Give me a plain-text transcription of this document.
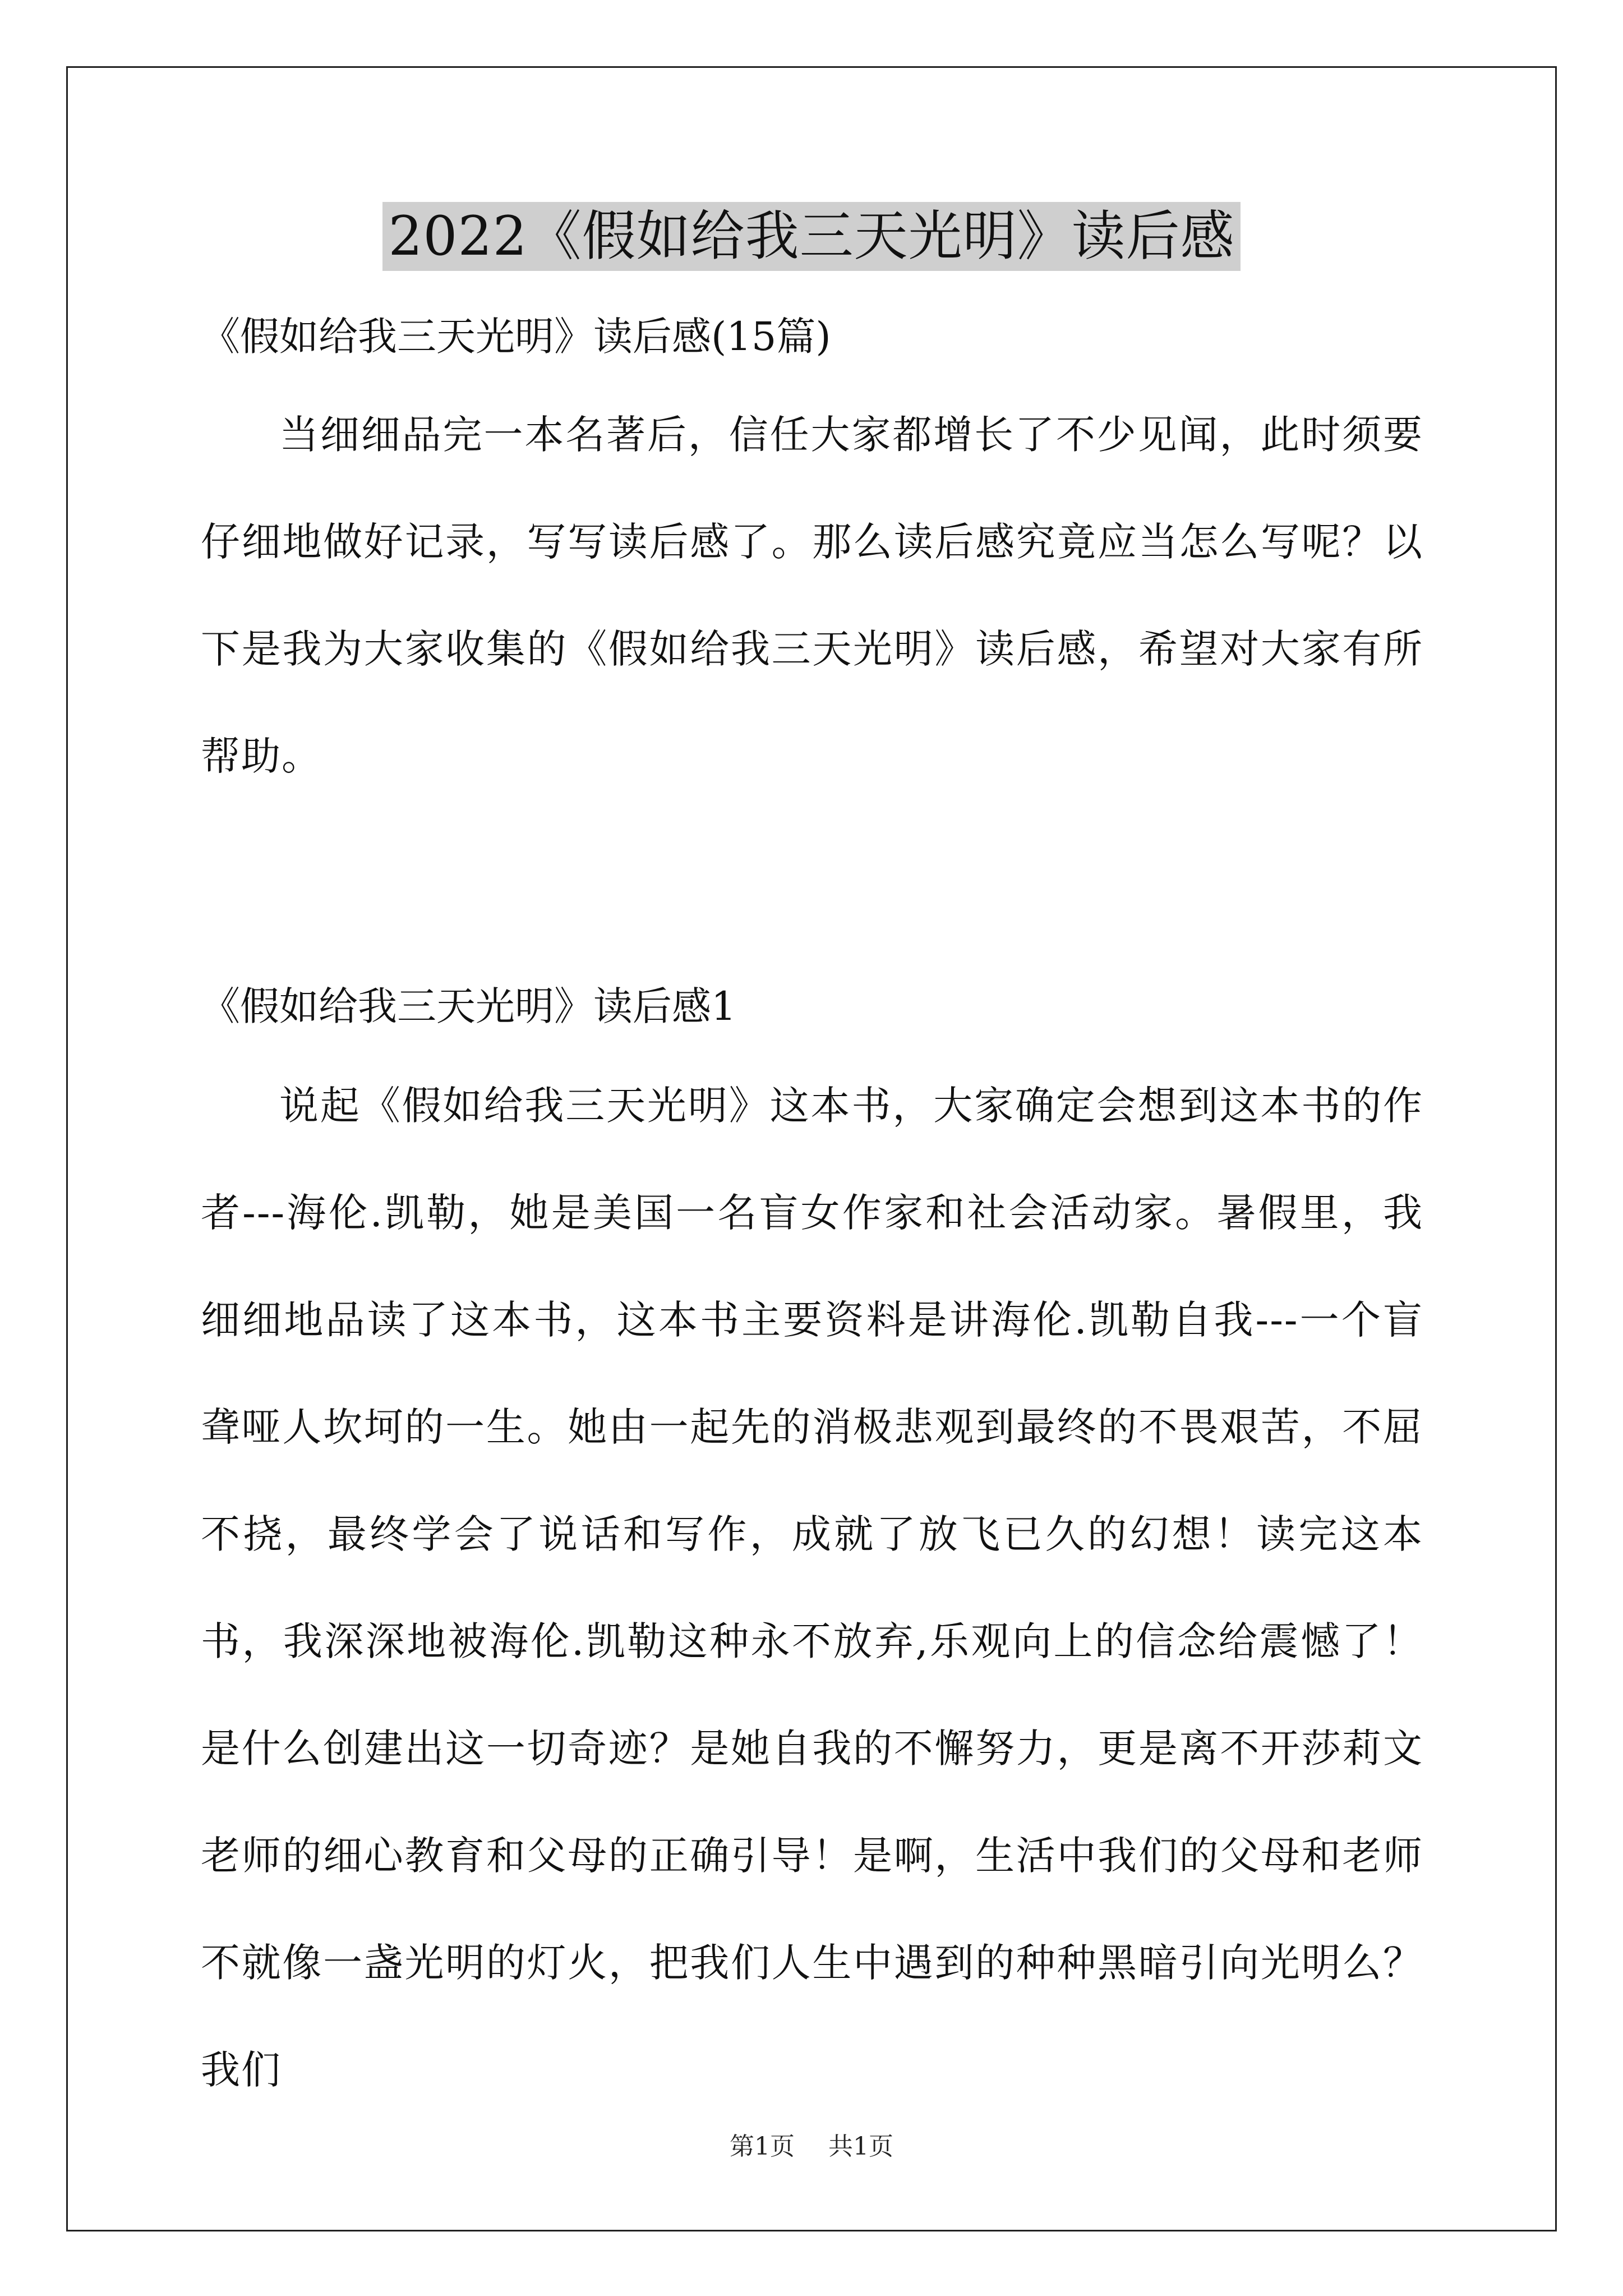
2022《假如给我三天光明》读后感
《假如给我三天光明》读后感(15篇)

当细细品完一本名著后，信任大家都增长了不少见闻，此时须要仔细地做好记录，写写读后感了。那么读后感究竟应当怎么写呢？以下是我为大家收集的《假如给我三天光明》读后感，希望对大家有所帮助。

《假如给我三天光明》读后感1

说起《假如给我三天光明》这本书，大家确定会想到这本书的作者---海伦.凯勒，她是美国一名盲女作家和社会活动家。暑假里，我细细地品读了这本书，这本书主要资料是讲海伦.凯勒自我---一个盲聋哑人坎坷的一生。她由一起先的消极悲观到最终的不畏艰苦，不屈不挠，最终学会了说话和写作，成就了放飞已久的幻想！读完这本书，我深深地被海伦.凯勒这种永不放弃,乐观向上的信念给震憾了！是什么创建出这一切奇迹？是她自我的不懈努力，更是离不开莎莉文老师的细心教育和父母的正确引导！是啊，生活中我们的父母和老师不就像一盏光明的灯火，把我们人生中遇到的种种黑暗引向光明么？我们

第1页 共1页
